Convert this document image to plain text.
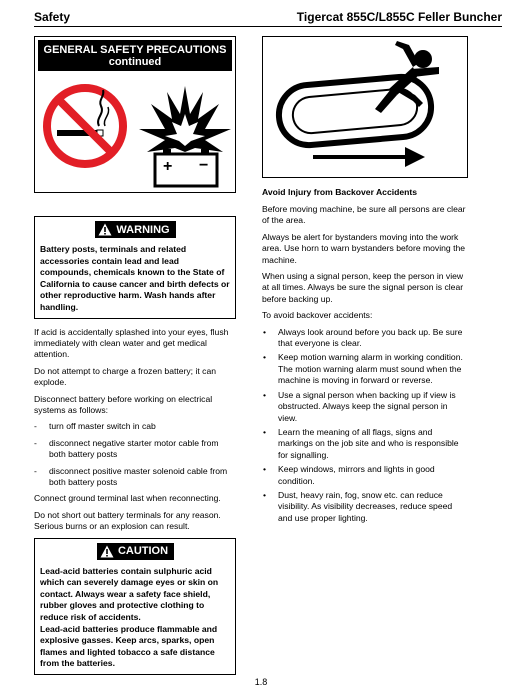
Safety	Tigercat 855C/L855C Feller Buncher
GENERAL SAFETY PRECAUTIONS
continued
+ −
WARNING
Battery posts, terminals and related accessories contain lead and lead compounds, chemicals known to the State of California to cause cancer and birth defects or other reproductive harm. Wash hands after handling.

If acid is accidentally splashed into your eyes, flush immediately with clean water and get medical attention.

Do not attempt to charge a frozen battery; it can explode.

Disconnect battery before working on electrical systems as follows:

-	turn off master switch in cab
-	disconnect negative starter motor cable from both battery posts
-	disconnect positive master solenoid cable from both battery posts

Connect ground terminal last when reconnecting.

Do not short out battery terminals for any reason. Serious burns or an explosion can result.

CAUTION
Lead-acid batteries contain sulphuric acid which can severely damage eyes or skin on contact. Always wear a safety face shield, rubber gloves and protective clothing to reduce risk of accidents.
Lead-acid batteries produce flammable and explosive gasses. Keep arcs, sparks, open flames and lighted tobacco a safe distance from the batteries.
Avoid Injury from Backover Accidents

Before moving machine, be sure all persons are clear of the area.

Always be alert for bystanders moving into the work area. Use horn to warn bystanders before moving the machine.

When using a signal person, keep the person in view at all times. Always be sure the signal person is clear before backing up.

To avoid backover accidents:

• Always look around before you back up. Be sure that everyone is clear.
• Keep motion warning alarm in working condition. The motion warning alarm must sound when the machine is moving in forward or reverse.
• Use a signal person when backing up if view is obstructed. Always keep the signal person in view.
• Learn the meaning of all flags, signs and markings on the job site and who is responsible for signalling.
• Keep windows, mirrors and lights in good condition.
• Dust, heavy rain, fog, snow etc. can reduce visibility. As visibility decreases, reduce speed and use proper lighting.
1.8
